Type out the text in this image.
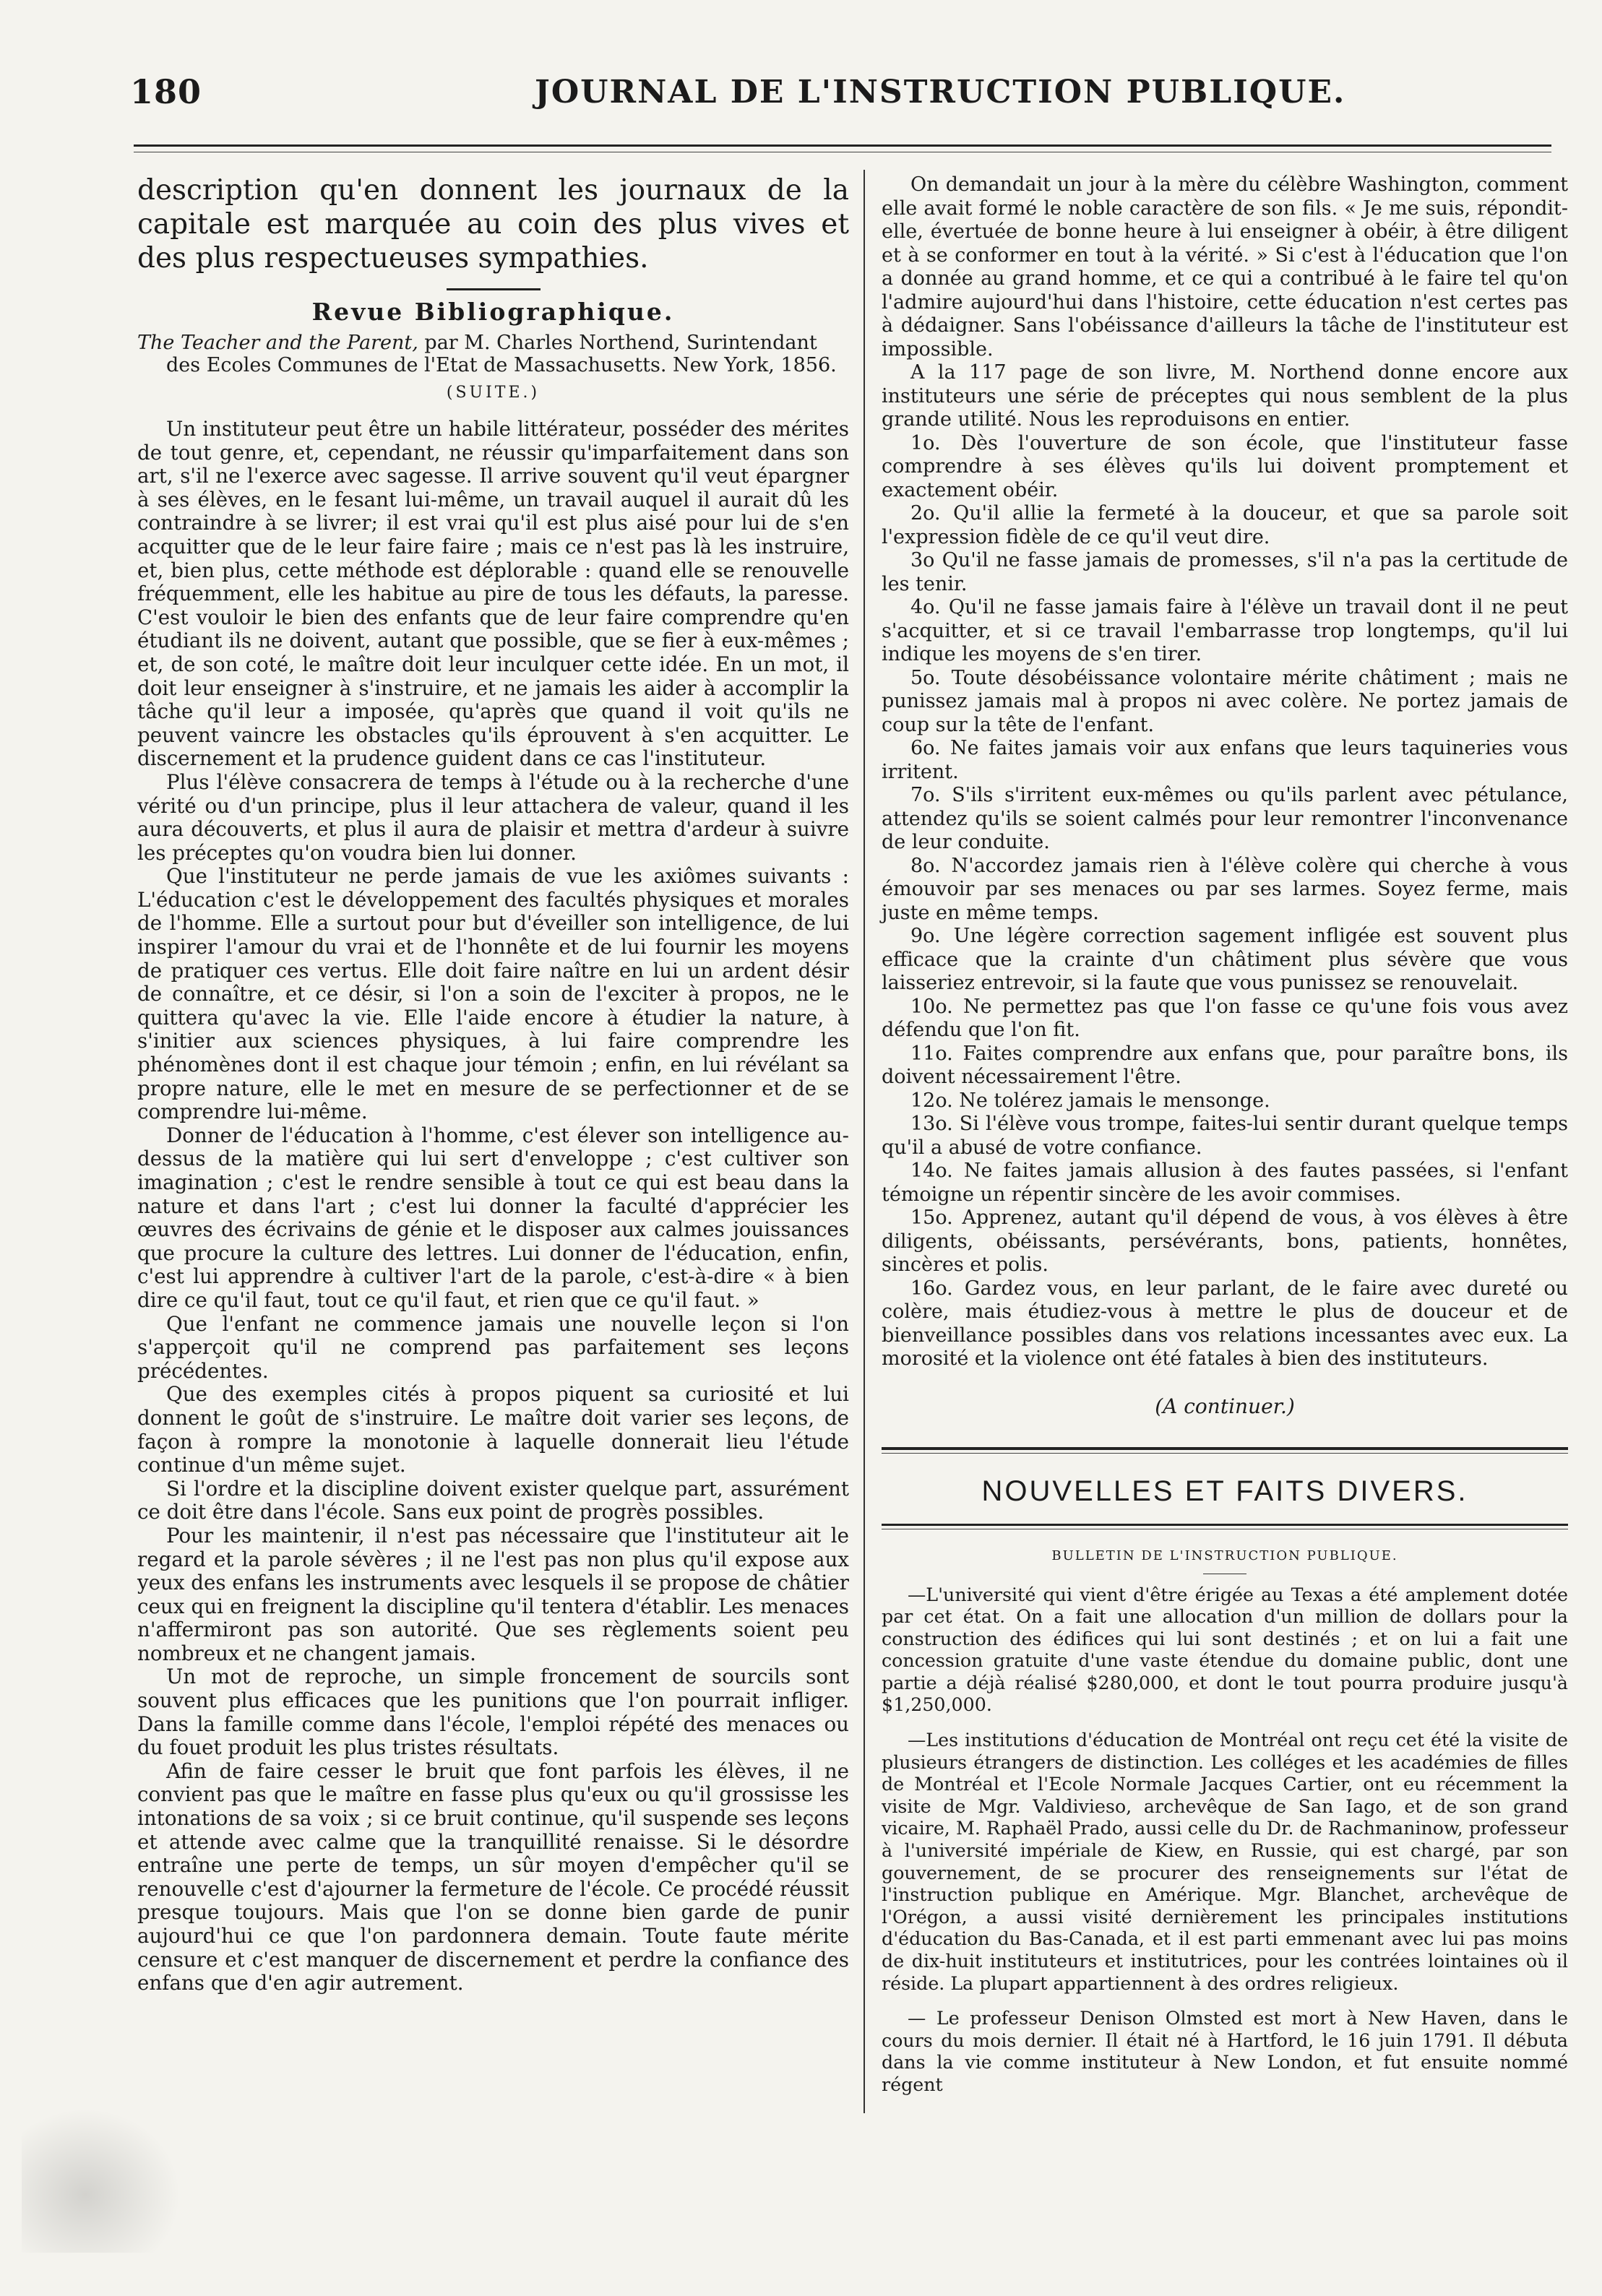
180	JOURNAL DE L'INSTRUCTION PUBLIQUE.

description qu'en donnent les journaux de la capitale est marquée au coin des plus vives et des plus respectueuses sympathies.

Revue Bibliographique.

The Teacher and the Parent, par M. Charles Northend, Surintendant des Ecoles Communes de l'Etat de Massachusetts. New York, 1856.

(SUITE.)

Un instituteur peut être un habile littérateur, posséder des mérites de tout genre, et, cependant, ne réussir qu'imparfaitement dans son art, s'il ne l'exerce avec sagesse. Il arrive souvent qu'il veut épargner à ses élèves, en le fesant lui-même, un travail auquel il aurait dû les contraindre à se livrer; il est vrai qu'il est plus aisé pour lui de s'en acquitter que de le leur faire faire ; mais ce n'est pas là les instruire, et, bien plus, cette méthode est déplorable : quand elle se renouvelle fréquemment, elle les habitue au pire de tous les défauts, la paresse. C'est vouloir le bien des enfants que de leur faire comprendre qu'en étudiant ils ne doivent, autant que possible, que se fier à eux-mêmes ; et, de son coté, le maître doit leur inculquer cette idée. En un mot, il doit leur enseigner à s'instruire, et ne jamais les aider à accomplir la tâche qu'il leur a imposée, qu'après que quand il voit qu'ils ne peuvent vaincre les obstacles qu'ils éprouvent à s'en acquitter. Le discernement et la prudence guident dans ce cas l'instituteur.

Plus l'élève consacrera de temps à l'étude ou à la recherche d'une vérité ou d'un principe, plus il leur attachera de valeur, quand il les aura découverts, et plus il aura de plaisir et mettra d'ardeur à suivre les préceptes qu'on voudra bien lui donner.

Que l'instituteur ne perde jamais de vue les axiômes suivants : L'éducation c'est le développement des facultés physiques et morales de l'homme. Elle a surtout pour but d'éveiller son intelligence, de lui inspirer l'amour du vrai et de l'honnête et de lui fournir les moyens de pratiquer ces vertus. Elle doit faire naître en lui un ardent désir de connaître, et ce désir, si l'on a soin de l'exciter à propos, ne le quittera qu'avec la vie. Elle l'aide encore à étudier la nature, à s'initier aux sciences physiques, à lui faire comprendre les phénomènes dont il est chaque jour témoin ; enfin, en lui révélant sa propre nature, elle le met en mesure de se perfectionner et de se comprendre lui-même.

Donner de l'éducation à l'homme, c'est élever son intelligence au-dessus de la matière qui lui sert d'enveloppe ; c'est cultiver son imagination ; c'est le rendre sensible à tout ce qui est beau dans la nature et dans l'art ; c'est lui donner la faculté d'apprécier les œuvres des écrivains de génie et le disposer aux calmes jouissances que procure la culture des lettres. Lui donner de l'éducation, enfin, c'est lui apprendre à cultiver l'art de la parole, c'est-à-dire « à bien dire ce qu'il faut, tout ce qu'il faut, et rien que ce qu'il faut. »

Que l'enfant ne commence jamais une nouvelle leçon si l'on s'apperçoit qu'il ne comprend pas parfaitement ses leçons précédentes.

Que des exemples cités à propos piquent sa curiosité et lui donnent le goût de s'instruire. Le maître doit varier ses leçons, de façon à rompre la monotonie à laquelle donnerait lieu l'étude continue d'un même sujet.

Si l'ordre et la discipline doivent exister quelque part, assurément ce doit être dans l'école. Sans eux point de progrès possibles.

Pour les maintenir, il n'est pas nécessaire que l'instituteur ait le regard et la parole sévères ; il ne l'est pas non plus qu'il expose aux yeux des enfans les instruments avec lesquels il se propose de châtier ceux qui en freignent la discipline qu'il tentera d'établir. Les menaces n'affermiront pas son autorité. Que ses règlements soient peu nombreux et ne changent jamais.

Un mot de reproche, un simple froncement de sourcils sont souvent plus efficaces que les punitions que l'on pourrait infliger. Dans la famille comme dans l'école, l'emploi répété des menaces ou du fouet produit les plus tristes résultats.

Afin de faire cesser le bruit que font parfois les élèves, il ne convient pas que le maître en fasse plus qu'eux ou qu'il grossisse les intonations de sa voix ; si ce bruit continue, qu'il suspende ses leçons et attende avec calme que la tranquillité renaisse. Si le désordre entraîne une perte de temps, un sûr moyen d'empêcher qu'il se renouvelle c'est d'ajourner la fermeture de l'école. Ce procédé réussit presque toujours. Mais que l'on se donne bien garde de punir aujourd'hui ce que l'on pardonnera demain. Toute faute mérite censure et c'est manquer de discernement et perdre la confiance des enfans que d'en agir autrement.

On demandait un jour à la mère du célèbre Washington, comment elle avait formé le noble caractère de son fils. « Je me suis, répondit-elle, évertuée de bonne heure à lui enseigner à obéir, à être diligent et à se conformer en tout à la vérité. » Si c'est à l'éducation que l'on a donnée au grand homme, et ce qui a contribué à le faire tel qu'on l'admire aujourd'hui dans l'histoire, cette éducation n'est certes pas à dédaigner. Sans l'obéissance d'ailleurs la tâche de l'instituteur est impossible.

A la 117 page de son livre, M. Northend donne encore aux instituteurs une série de préceptes qui nous semblent de la plus grande utilité. Nous les reproduisons en entier.

1o. Dès l'ouverture de son école, que l'instituteur fasse comprendre à ses élèves qu'ils lui doivent promptement et exactement obéir.

2o. Qu'il allie la fermeté à la douceur, et que sa parole soit l'expression fidèle de ce qu'il veut dire.

3o Qu'il ne fasse jamais de promesses, s'il n'a pas la certitude de les tenir.

4o. Qu'il ne fasse jamais faire à l'élève un travail dont il ne peut s'acquitter, et si ce travail l'embarrasse trop longtemps, qu'il lui indique les moyens de s'en tirer.

5o. Toute désobéissance volontaire mérite châtiment ; mais ne punissez jamais mal à propos ni avec colère. Ne portez jamais de coup sur la tête de l'enfant.

6o. Ne faites jamais voir aux enfans que leurs taquineries vous irritent.

7o. S'ils s'irritent eux-mêmes ou qu'ils parlent avec pétulance, attendez qu'ils se soient calmés pour leur remontrer l'inconvenance de leur conduite.

8o. N'accordez jamais rien à l'élève colère qui cherche à vous émouvoir par ses menaces ou par ses larmes. Soyez ferme, mais juste en même temps.

9o. Une légère correction sagement infligée est souvent plus efficace que la crainte d'un châtiment plus sévère que vous laisseriez entrevoir, si la faute que vous punissez se renouvelait.

10o. Ne permettez pas que l'on fasse ce qu'une fois vous avez défendu que l'on fit.

11o. Faites comprendre aux enfans que, pour paraître bons, ils doivent nécessairement l'être.

12o. Ne tolérez jamais le mensonge.

13o. Si l'élève vous trompe, faites-lui sentir durant quelque temps qu'il a abusé de votre confiance.

14o. Ne faites jamais allusion à des fautes passées, si l'enfant témoigne un répentir sincère de les avoir commises.

15o. Apprenez, autant qu'il dépend de vous, à vos élèves à être diligents, obéissants, persévérants, bons, patients, honnêtes, sincères et polis.

16o. Gardez vous, en leur parlant, de le faire avec dureté ou colère, mais étudiez-vous à mettre le plus de douceur et de bienveillance possibles dans vos relations incessantes avec eux. La morosité et la violence ont été fatales à bien des instituteurs.

(A continuer.)
NOUVELLES ET FAITS DIVERS.
BULLETIN DE L'INSTRUCTION PUBLIQUE.

—L'université qui vient d'être érigée au Texas a été amplement dotée par cet état. On a fait une allocation d'un million de dollars pour la construction des édifices qui lui sont destinés ; et on lui a fait une concession gratuite d'une vaste étendue du domaine public, dont une partie a déjà réalisé $280,000, et dont le tout pourra produire jusqu'à $1,250,000.

—Les institutions d'éducation de Montréal ont reçu cet été la visite de plusieurs étrangers de distinction. Les colléges et les académies de filles de Montréal et l'Ecole Normale Jacques Cartier, ont eu récemment la visite de Mgr. Valdivieso, archevêque de San Iago, et de son grand vicaire, M. Raphaël Prado, aussi celle du Dr. de Rachmaninow, professeur à l'université impériale de Kiew, en Russie, qui est chargé, par son gouvernement, de se procurer des renseignements sur l'état de l'instruction publique en Amérique. Mgr. Blanchet, archevêque de l'Orégon, a aussi visité dernièrement les principales institutions d'éducation du Bas-Canada, et il est parti emmenant avec lui pas moins de dix-huit instituteurs et institutrices, pour les contrées lointaines où il réside. La plupart appartiennent à des ordres religieux.

— Le professeur Denison Olmsted est mort à New Haven, dans le cours du mois dernier. Il était né à Hartford, le 16 juin 1791. Il débuta dans la vie comme instituteur à New London, et fut ensuite nommé régent
